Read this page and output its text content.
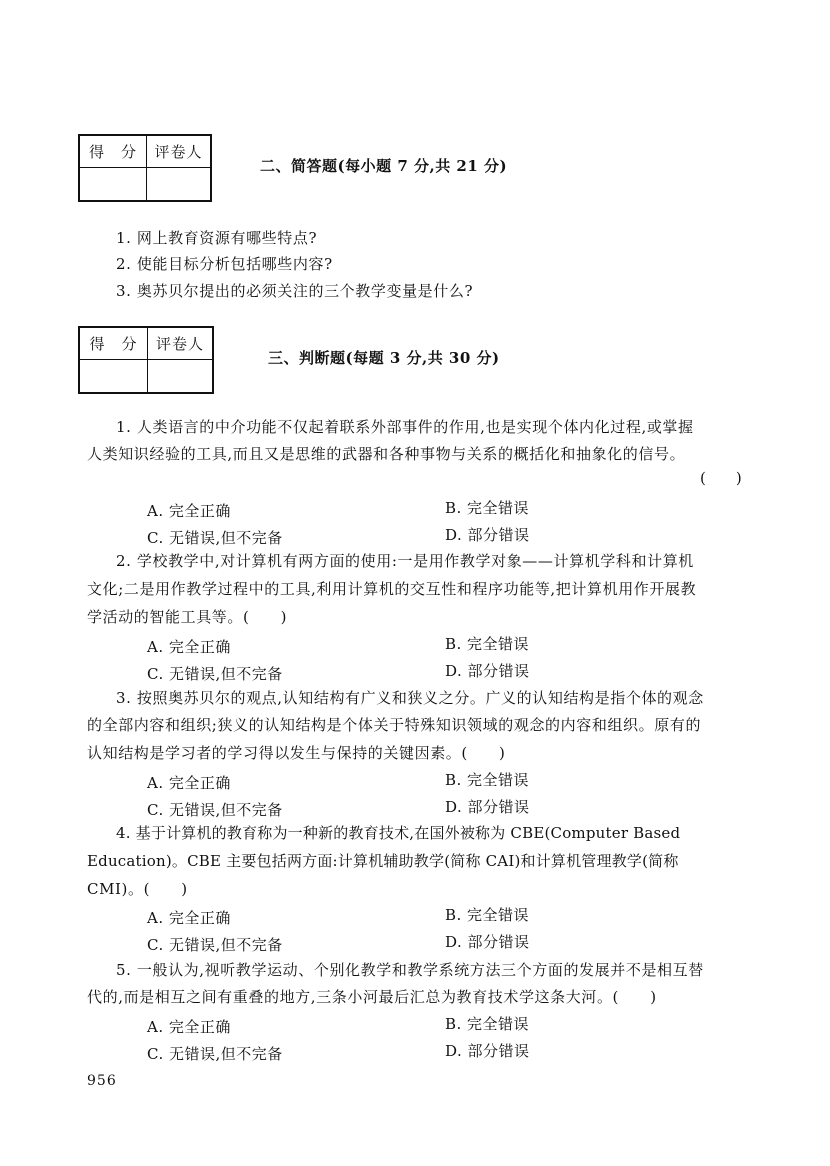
得　分	评卷人

二、简答题(每小题 7 分,共 21 分)
1. 网上教育资源有哪些特点?
2. 使能目标分析包括哪些内容?
3. 奥苏贝尔提出的必须关注的三个教学变量是什么?
得　分	评卷人

三、判断题(每题 3 分,共 30 分)
1. 人类语言的中介功能不仅起着联系外部事件的作用,也是实现个体内化过程,或掌握
人类知识经验的工具,而且又是思维的武器和各种事物与关系的概括化和抽象化的信号。
(　　)
A. 完全正确	B. 完全错误
C. 无错误,但不完备	D. 部分错误
2. 学校教学中,对计算机有两方面的使用:一是用作教学对象——计算机学科和计算机
文化;二是用作教学过程中的工具,利用计算机的交互性和程序功能等,把计算机用作开展教
学活动的智能工具等。(　　)
A. 完全正确	B. 完全错误
C. 无错误,但不完备	D. 部分错误
3. 按照奥苏贝尔的观点,认知结构有广义和狭义之分。广义的认知结构是指个体的观念
的全部内容和组织;狭义的认知结构是个体关于特殊知识领域的观念的内容和组织。原有的
认知结构是学习者的学习得以发生与保持的关键因素。(　　)
A. 完全正确	B. 完全错误
C. 无错误,但不完备	D. 部分错误
4. 基于计算机的教育称为一种新的教育技术,在国外被称为 CBE(Computer Based
Education)。CBE 主要包括两方面:计算机辅助教学(简称 CAI)和计算机管理教学(简称
CMI)。(　　)
A. 完全正确	B. 完全错误
C. 无错误,但不完备	D. 部分错误
5. 一般认为,视听教学运动、个别化教学和教学系统方法三个方面的发展并不是相互替
代的,而是相互之间有重叠的地方,三条小河最后汇总为教育技术学这条大河。(　　)
A. 完全正确	B. 完全错误
C. 无错误,但不完备	D. 部分错误
956
